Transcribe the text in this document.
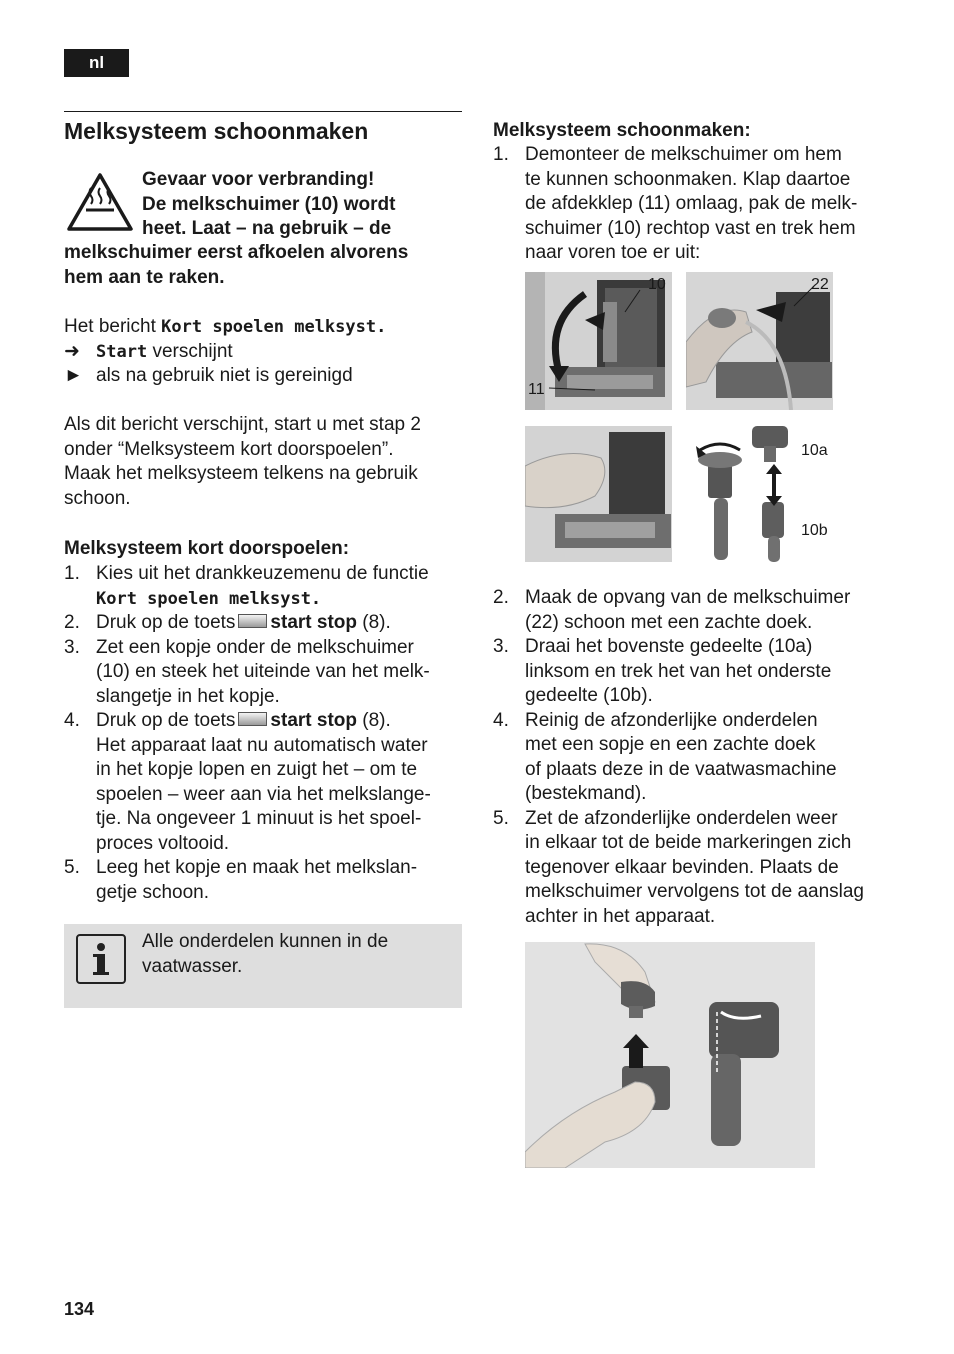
nl
Melksysteem schoonmaken
Gevaar voor verbranding!
De melkschuimer (10) wordt
heet. Laat – na gebruik – de
melkschuimer eerst afkoelen alvorens
hem aan te raken.
Het bericht Kort spoelen melksyst.
➜ Start verschijnt
► als na gebruik niet is gereinigd
Als dit bericht verschijnt, start u met stap 2
onder “Melksysteem kort doorspoelen”.
Maak het melksysteem telkens na gebruik
schoon.
Melksysteem kort doorspoelen:
1. Kies uit het drankkeuzemenu de functie
Kort spoelen melksyst.
2. Druk op de toets start stop (8).
3. Zet een kopje onder de melkschuimer
(10) en steek het uiteinde van het melk-
slangetje in het kopje.
4. Druk op de toets start stop (8).
Het apparaat laat nu automatisch water
in het kopje lopen en zuigt het – om te
spoelen – weer aan via het melkslange-
tje. Na ongeveer 1 minuut is het spoel-
proces voltooid.
5. Leeg het kopje en maak het melkslan-
getje schoon.
Alle onderdelen kunnen in de
vaatwasser.
Melksysteem schoonmaken:
1. Demonteer de melkschuimer om hem
te kunnen schoonmaken. Klap daartoe
de afdekklep (11) omlaag, pak de melk-
schuimer (10) rechtop vast en trek hem
naar voren toe er uit:
10
11
22
10a
10b
2. Maak de opvang van de melkschuimer
(22) schoon met een zachte doek.
3. Draai het bovenste gedeelte (10a)
linksom en trek het van het onderste
gedeelte (10b).
4. Reinig de afzonderlijke onderdelen
met een sopje en een zachte doek
of plaats deze in de vaatwasmachine
(bestekmand).
5. Zet de afzonderlijke onderdelen weer
in elkaar tot de beide markeringen zich
tegenover elkaar bevinden. Plaats de
melkschuimer vervolgens tot de aanslag
achter in het apparaat.
134
